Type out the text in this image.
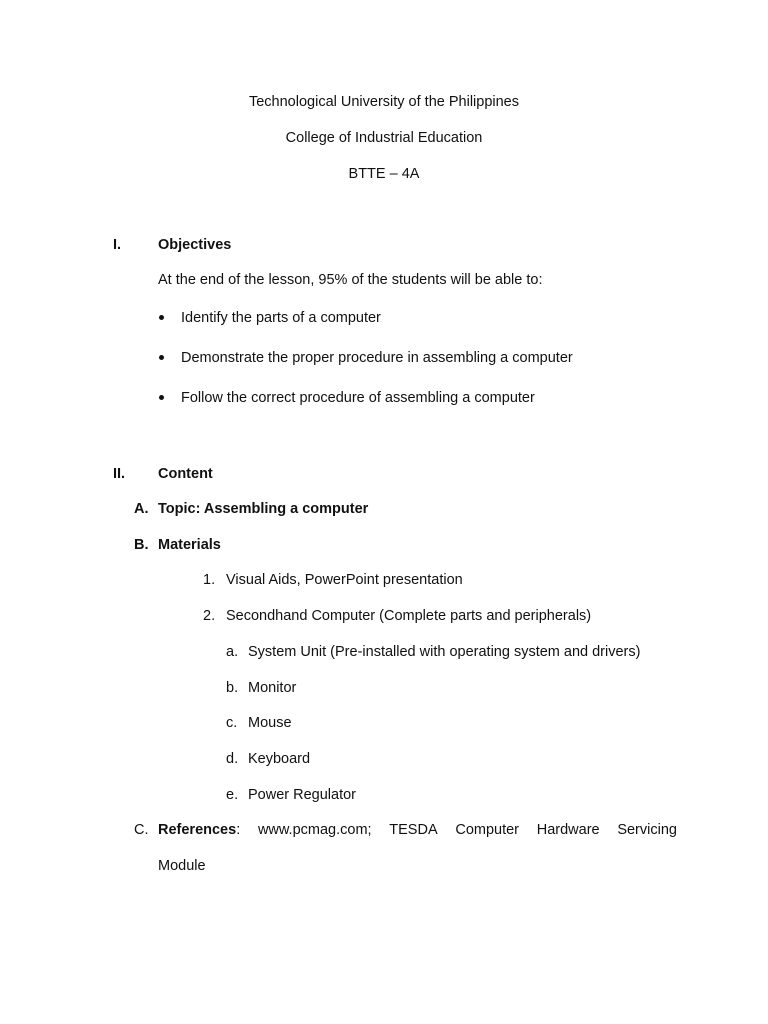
Technological University of the Philippines
College of Industrial Education
BTTE – 4A
I.	Objectives
At the end of the lesson, 95% of the students will be able to:
Identify the parts of a computer
Demonstrate the proper procedure in assembling a computer
Follow the correct procedure of assembling a computer
II. Content
A. Topic: Assembling a computer
B. Materials
1. Visual Aids, PowerPoint presentation
2. Secondhand Computer (Complete parts and peripherals)
a. System Unit (Pre-installed with operating system and drivers)
b. Monitor
c. Mouse
d. Keyboard
e. Power Regulator
C. References: www.pcmag.com; TESDA Computer Hardware Servicing
Module
